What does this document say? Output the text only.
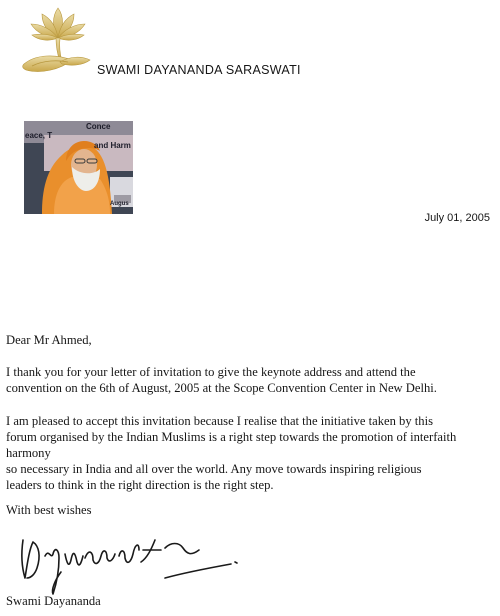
SWAMI DAYANANDA SARASWATI
Conce
eace, T
and Harm
Augus
July 01, 2005

Dear Mr Ahmed,

I thank you for your letter of invitation to give the keynote address and attend the

convention on the 6th of August, 2005 at the Scope Convention Center in New Delhi.

I am pleased to accept this invitation because I realise that the initiative taken by this

forum organised by the Indian Muslims is a right step towards the promotion of interfaith

harmony

so necessary in India and all over the world. Any move towards inspiring religious

leaders to think in the right direction is the right step.

With best wishes

Swami Dayananda
